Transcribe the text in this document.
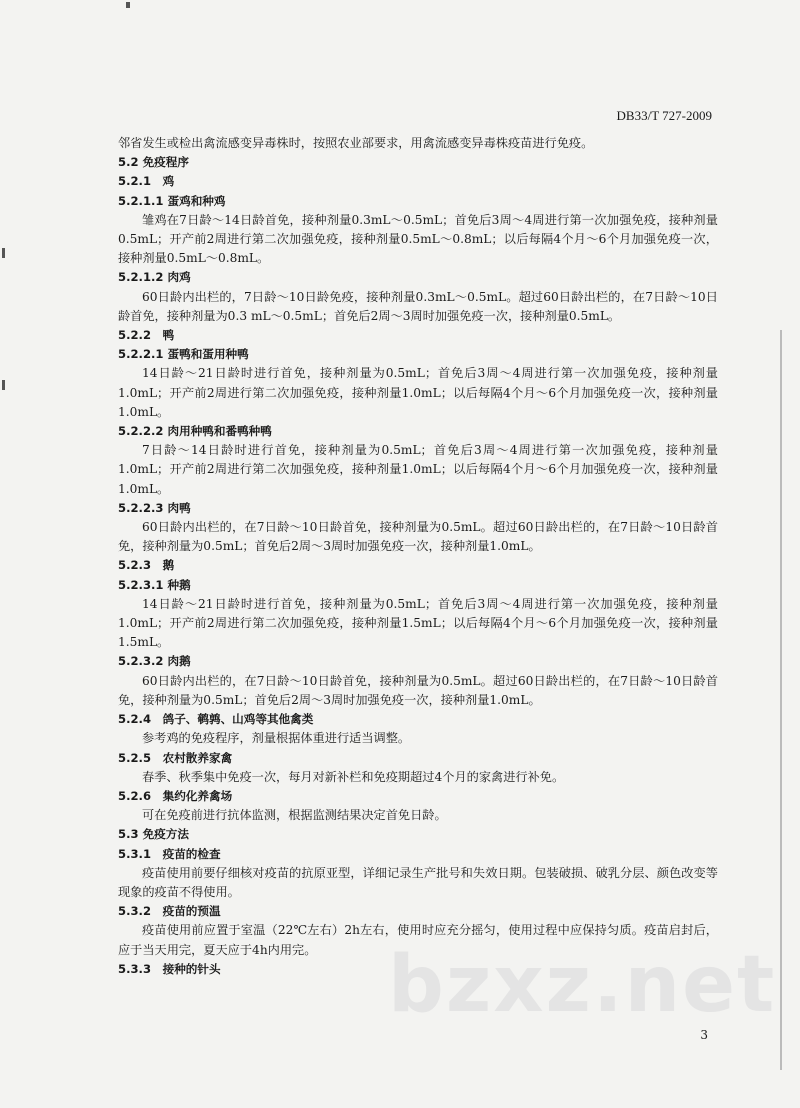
DB33/T 727-2009

邻省发生或检出禽流感变异毒株时，按照农业部要求，用禽流感变异毒株疫苗进行免疫。

5.2 免疫程序

5.2.1　鸡

5.2.1.1 蛋鸡和种鸡

雏鸡在7日龄～14日龄首免，接种剂量0.3mL～0.5mL；首免后3周～4周进行第一次加强免疫，接种剂量0.5mL；开产前2周进行第二次加强免疫，接种剂量0.5mL～0.8mL；以后每隔4个月～6个月加强免疫一次，接种剂量0.5mL～0.8mL。

5.2.1.2 肉鸡

60日龄内出栏的，7日龄～10日龄免疫，接种剂量0.3mL～0.5mL。超过60日龄出栏的，在7日龄～10日龄首免，接种剂量为0.3 mL～0.5mL；首免后2周～3周时加强免疫一次，接种剂量0.5mL。

5.2.2　鸭

5.2.2.1 蛋鸭和蛋用种鸭

14日龄～21日龄时进行首免，接种剂量为0.5mL；首免后3周～4周进行第一次加强免疫，接种剂量1.0mL；开产前2周进行第二次加强免疫，接种剂量1.0mL；以后每隔4个月～6个月加强免疫一次，接种剂量1.0mL。

5.2.2.2 肉用种鸭和番鸭种鸭

7日龄～14日龄时进行首免，接种剂量为0.5mL；首免后3周～4周进行第一次加强免疫，接种剂量1.0mL；开产前2周进行第二次加强免疫，接种剂量1.0mL；以后每隔4个月～6个月加强免疫一次，接种剂量1.0mL。

5.2.2.3 肉鸭

60日龄内出栏的，在7日龄～10日龄首免，接种剂量为0.5mL。超过60日龄出栏的，在7日龄～10日龄首免，接种剂量为0.5mL；首免后2周～3周时加强免疫一次，接种剂量1.0mL。

5.2.3　鹅

5.2.3.1 种鹅

14日龄～21日龄时进行首免，接种剂量为0.5mL；首免后3周～4周进行第一次加强免疫，接种剂量1.0mL；开产前2周进行第二次加强免疫，接种剂量1.5mL；以后每隔4个月～6个月加强免疫一次，接种剂量1.5mL。

5.2.3.2 肉鹅

60日龄内出栏的，在7日龄～10日龄首免，接种剂量为0.5mL。超过60日龄出栏的，在7日龄～10日龄首免，接种剂量为0.5mL；首免后2周～3周时加强免疫一次，接种剂量1.0mL。

5.2.4　鸽子、鹌鹑、山鸡等其他禽类

参考鸡的免疫程序，剂量根据体重进行适当调整。

5.2.5　农村散养家禽

春季、秋季集中免疫一次，每月对新补栏和免疫期超过4个月的家禽进行补免。

5.2.6　集约化养禽场

可在免疫前进行抗体监测，根据监测结果决定首免日龄。

5.3 免疫方法

5.3.1　疫苗的检查

疫苗使用前要仔细核对疫苗的抗原亚型，详细记录生产批号和失效日期。包装破损、破乳分层、颜色改变等现象的疫苗不得使用。

5.3.2　疫苗的预温

疫苗使用前应置于室温（22℃左右）2h左右，使用时应充分摇匀，使用过程中应保持匀质。疫苗启封后，应于当天用完，夏天应于4h内用完。

5.3.3　接种的针头	bzxz.net
3
